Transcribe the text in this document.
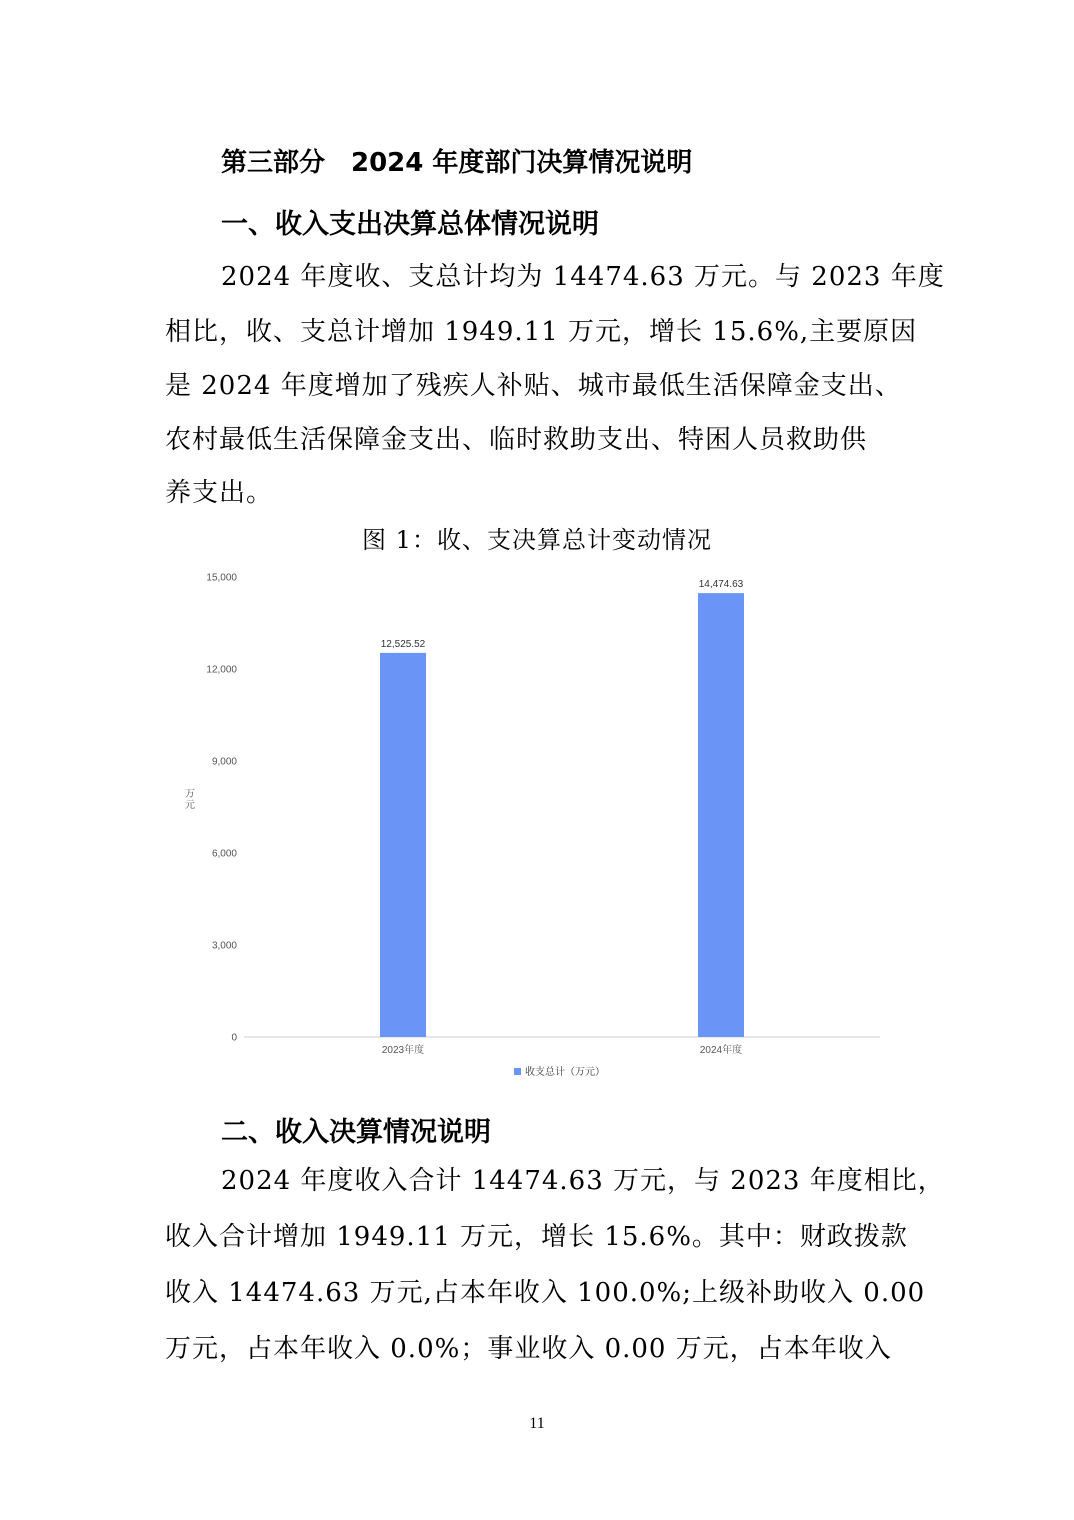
第三部分　2024 年度部门决算情况说明
一、收入支出决算总体情况说明
2024 年度收、支总计均为 14474.63 万元。与 2023 年度
相比，收、支总计增加 1949.11 万元，增长 15.6%,主要原因
是 2024 年度增加了残疾人补贴、城市最低生活保障金支出、
农村最低生活保障金支出、临时救助支出、特困人员救助供
养支出。
图 1：收、支决算总计变动情况
0
3,000
6,000
9,000
12,000
15,000
12,525.52
14,474.63
2023年度	2024年度
万元
收支总计（万元）
二、收入决算情况说明
2024 年度收入合计 14474.63 万元，与 2023 年度相比，
收入合计增加 1949.11 万元，增长 15.6%。其中：财政拨款
收入 14474.63 万元,占本年收入 100.0%;上级补助收入 0.00
万元，占本年收入 0.0%；事业收入 0.00 万元，占本年收入
11
